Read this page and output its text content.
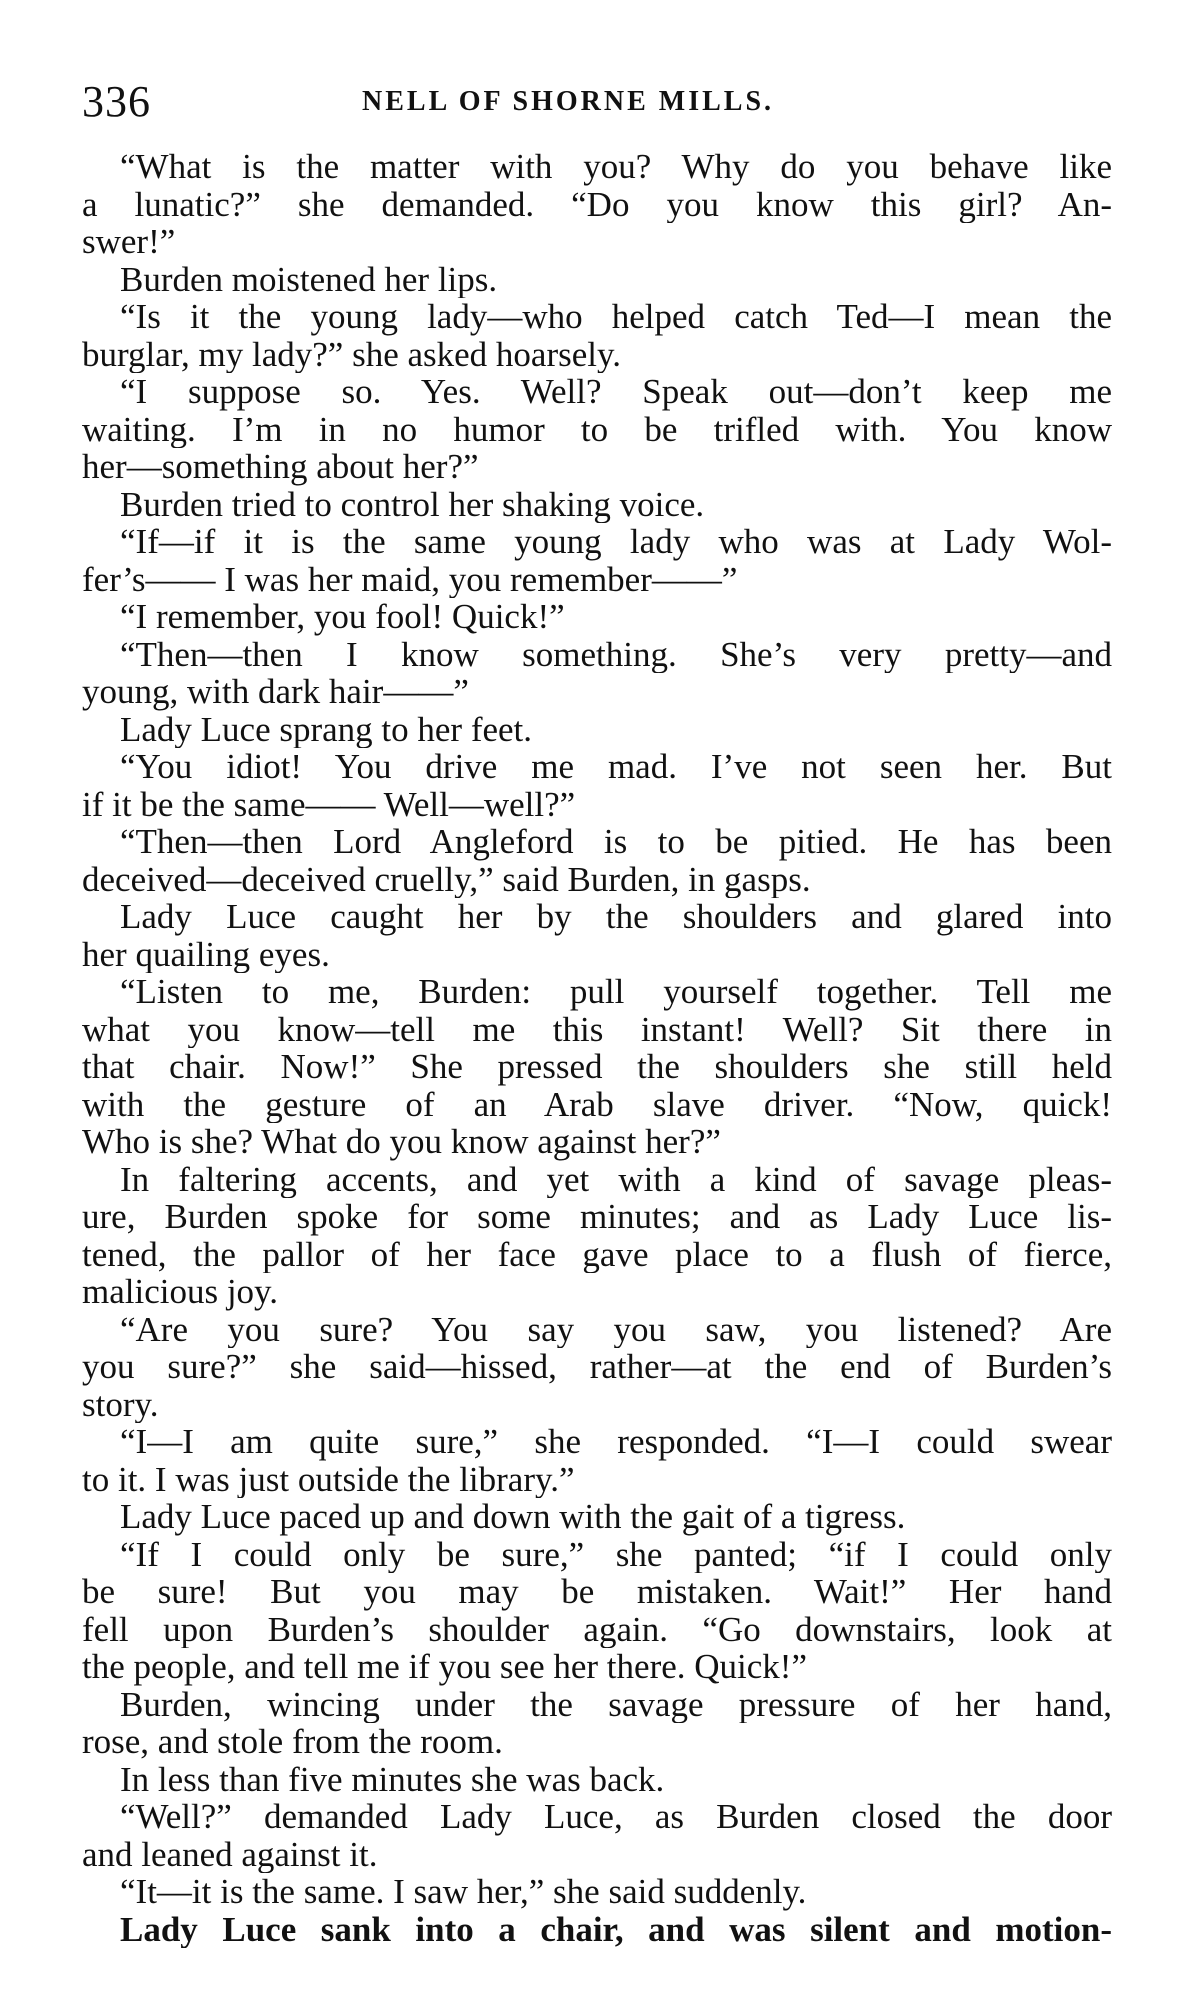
336	NELL OF SHORNE MILLS.
“What is the matter with you? Why do you behave like
a lunatic?” she demanded. “Do you know this girl? An-
swer!”
Burden moistened her lips.
“Is it the young lady—who helped catch Ted—I mean the
burglar, my lady?” she asked hoarsely.
“I suppose so. Yes. Well? Speak out—don’t keep me
waiting. I’m in no humor to be trifled with. You know
her—something about her?”
Burden tried to control her shaking voice.
“If—if it is the same young lady who was at Lady Wol-
fer’s—— I was her maid, you remember——”
“I remember, you fool! Quick!”
“Then—then I know something. She’s very pretty—and
young, with dark hair——”
Lady Luce sprang to her feet.
“You idiot! You drive me mad. I’ve not seen her. But
if it be the same—— Well—well?”
“Then—then Lord Angleford is to be pitied. He has been
deceived—deceived cruelly,” said Burden, in gasps.
Lady Luce caught her by the shoulders and glared into
her quailing eyes.
“Listen to me, Burden: pull yourself together. Tell me
what you know—tell me this instant! Well? Sit there in
that chair. Now!” She pressed the shoulders she still held
with the gesture of an Arab slave driver. “Now, quick!
Who is she? What do you know against her?”
In faltering accents, and yet with a kind of savage pleas-
ure, Burden spoke for some minutes; and as Lady Luce lis-
tened, the pallor of her face gave place to a flush of fierce,
malicious joy.
“Are you sure? You say you saw, you listened? Are
you sure?” she said—hissed, rather—at the end of Burden’s
story.
“I—I am quite sure,” she responded. “I—I could swear
to it. I was just outside the library.”
Lady Luce paced up and down with the gait of a tigress.
“If I could only be sure,” she panted; “if I could only
be sure! But you may be mistaken. Wait!” Her hand
fell upon Burden’s shoulder again. “Go downstairs, look at
the people, and tell me if you see her there. Quick!”
Burden, wincing under the savage pressure of her hand,
rose, and stole from the room.
In less than five minutes she was back.
“Well?” demanded Lady Luce, as Burden closed the door
and leaned against it.
“It—it is the same. I saw her,” she said suddenly.
Lady Luce sank into a chair, and was silent and motion-
